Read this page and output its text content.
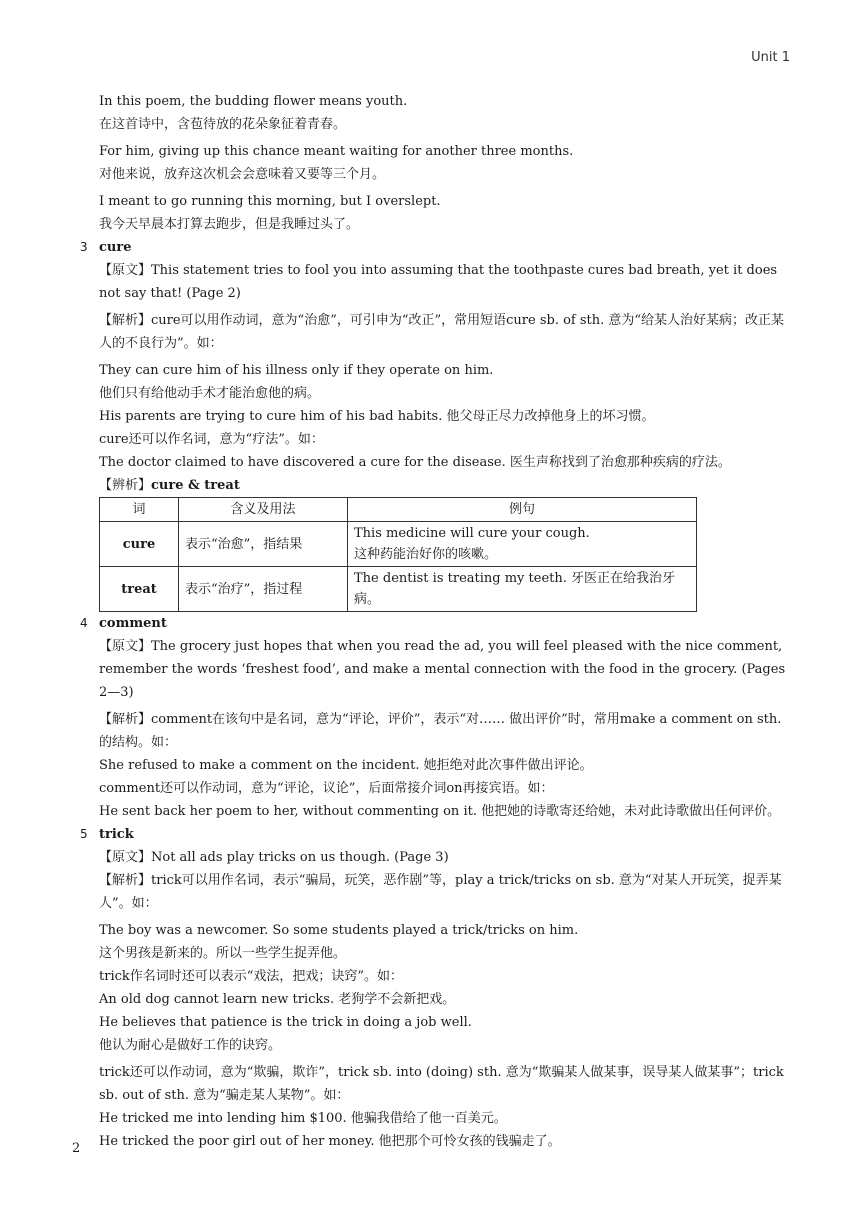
Unit 1
In this poem, the budding flower means youth.
在这首诗中，含苞待放的花朵象征着青春。
For him, giving up this chance meant waiting for another three months.
对他来说，放弃这次机会会意味着又要等三个月。
I meant to go running this morning, but I overslept.
我今天早晨本打算去跑步，但是我睡过头了。
3 cure
【原文】This statement tries to fool you into assuming that the toothpaste cures bad breath, yet it does not say that! (Page 2)
【解析】cure可以用作动词，意为“治愈”，可引申为“改正”，常用短语cure sb. of sth. 意为“给某人治好某病；改正某人的不良行为”。如：
They can cure him of his illness only if they operate on him.
他们只有给他动手术才能治愈他的病。
His parents are trying to cure him of his bad habits. 他父母正尽力改掉他身上的坏习惯。
cure还可以作名词，意为“疗法”。如：
The doctor claimed to have discovered a cure for the disease. 医生声称找到了治愈那种疾病的疗法。
【辨析】cure & treat
词	含义及用法	例句
cure	表示“治愈”，指结果	This medicine will cure your cough.
这种药能治好你的咳嗽。

treat	表示“治疗”，指过程	The dentist is treating my teeth. 牙医正在给我治牙病。
4 comment
【原文】The grocery just hopes that when you read the ad, you will feel pleased with the nice comment, remember the words ‘freshest food’, and make a mental connection with the food in the grocery. (Pages 2—3)
【解析】comment在该句中是名词，意为“评论，评价”，表示“对…… 做出评价”时，常用make a comment on sth. 的结构。如：
She refused to make a comment on the incident. 她拒绝对此次事件做出评论。
comment还可以作动词，意为“评论，议论”，后面常接介词on再接宾语。如：
He sent back her poem to her, without commenting on it. 他把她的诗歌寄还给她，未对此诗歌做出任何评价。
5 trick
【原文】Not all ads play tricks on us though. (Page 3)
【解析】trick可以用作名词，表示“骗局，玩笑，恶作剧”等，play a trick/tricks on sb. 意为“对某人开玩笑，捉弄某人”。如：
The boy was a newcomer. So some students played a trick/tricks on him.
这个男孩是新来的。所以一些学生捉弄他。
trick作名词时还可以表示“戏法，把戏；诀窍”。如：
An old dog cannot learn new tricks. 老狗学不会新把戏。
He believes that patience is the trick in doing a job well.
他认为耐心是做好工作的诀窍。
trick还可以作动词，意为“欺骗，欺诈”，trick sb. into (doing) sth. 意为“欺骗某人做某事，误导某人做某事”；trick sb. out of sth. 意为“骗走某人某物”。如：
He tricked me into lending him $100. 他骗我借给了他一百美元。
He tricked the poor girl out of her money. 他把那个可怜女孩的钱骗走了。
2
